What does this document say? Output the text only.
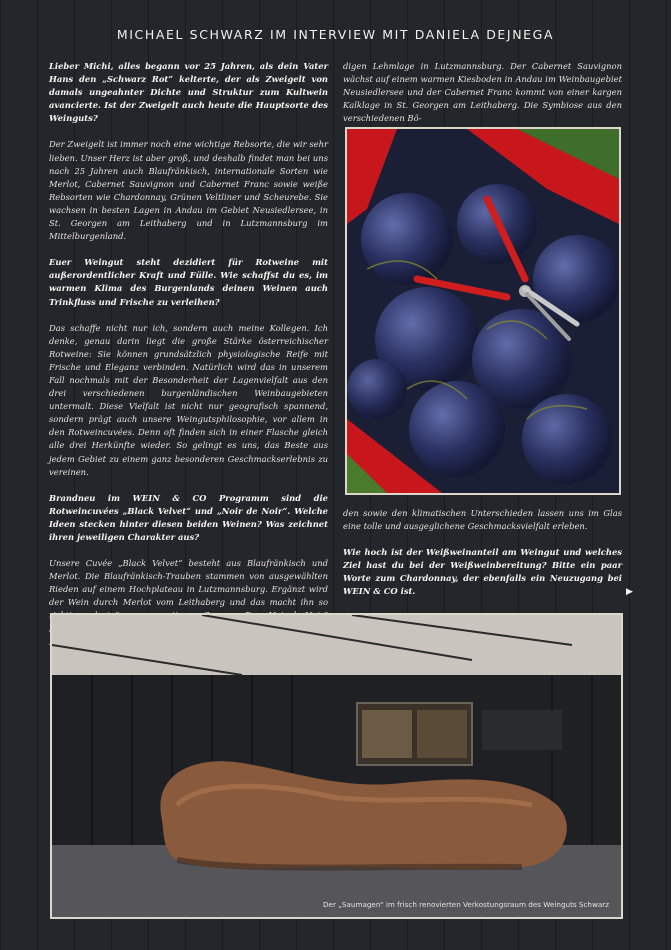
MICHAEL SCHWARZ IM INTERVIEW MIT DANIELA DEJNEGA

Lieber Michi, alles begann vor 25 Jahren, als dein Vater Hans den „Schwarz Rot“ kelterte, der als Zweigelt von damals ungeahnter Dichte und Struktur zum Kultwein avancierte. Ist der Zweigelt auch heute die Hauptsorte des Weinguts?

Der Zweigelt ist immer noch eine wichtige Rebsorte, die wir sehr lieben. Unser Herz ist aber groß, und deshalb findet man bei uns nach 25 Jahren auch Blaufränkisch, internationale Sorten wie Merlot, Cabernet Sauvignon und Cabernet Franc sowie weiße Rebsorten wie Chardonnay, Grünen Veltliner und Scheurebe. Sie wachsen in besten Lagen in Andau im Gebiet Neusiedlersee, in St. Georgen am Leithaberg und in Lutzmannsburg im Mittelburgenland.

Euer Weingut steht dezidiert für Rotweine mit außerordentlicher Kraft und Fülle. Wie schaffst du es, im warmen Klima des Burgenlands deinen Weinen auch Trinkfluss und Frische zu verleihen?

Das schaffe nicht nur ich, sondern auch meine Kollegen. Ich denke, genau darin liegt die große Stärke österreichischer Rotweine: Sie können grundsätzlich physiologische Reife mit Frische und Eleganz verbinden. Natürlich wird das in unserem Fall nochmals mit der Besonderheit der Lagenvielfalt aus den drei verschiedenen burgenländischen Weinbaugebieten untermalt. Diese Vielfalt ist nicht nur geografisch spannend, sondern prägt auch unsere Weingutsphilosophie, vor allem in den Rotweincuvées. Denn oft finden sich in einer Flasche gleich alle drei Herkünfte wieder. So gelingt es uns, das Beste aus jedem Gebiet zu einem ganz besonderen Geschmackserlebnis zu vereinen.

Brandneu im WEIN & CO Programm sind die Rotweincuvées „Black Velvet“ und „Noir de Noir“. Welche Ideen stecken hinter diesen beiden Weinen? Was zeichnet ihren jeweiligen Charakter aus?

Unsere Cuvée „Black Velvet“ besteht aus Blaufränkisch und Merlot. Die Blaufränkisch-Trauben stammen von ausgewählten Rieden auf einem Hochplateau in Lutzmannsburg. Ergänzt wird der Wein durch Merlot vom Leithaberg und das macht ihn so

digen Lehmlage in Lutzmannsburg. Der Cabernet Sauvignon wächst auf einem warmen Kiesboden in Andau im Weinbaugebiet Neusiedlersee und der Cabernet Franc kommt von einer kargen Kalklage in St. Georgen am Leithaberg. Die Symbiose aus den verschiedenen Bö-

den sowie den klimatischen Unterschieden lassen uns im Glas eine tolle und ausgeglichene Geschmacksvielfalt erleben.

Wie hoch ist der Weißweinanteil am Weingut und welches Ziel hast du bei der Weißweinbereitung? Bitte ein paar Worte zum Chardonnay, der ebenfalls ein Neuzugang bei WEIN & CO ist.	▶

Der „Saumagen“ im frisch renovierten Verkostungsraum des Weinguts Schwarz
